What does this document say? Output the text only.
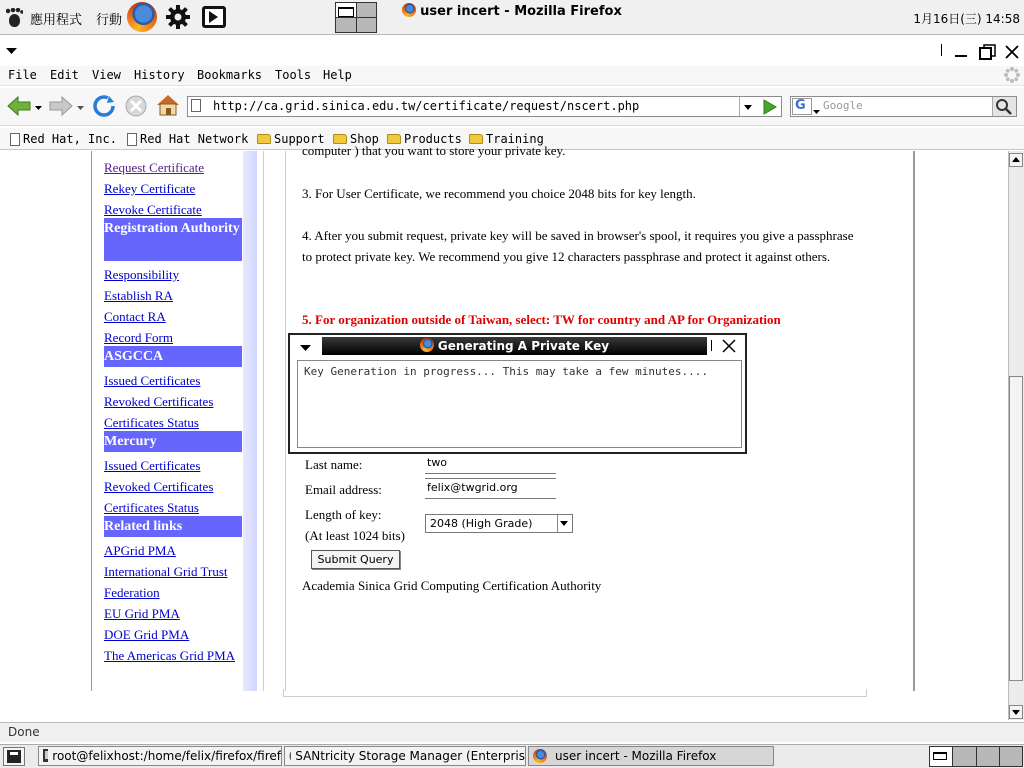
應用程式 行動	1月16日(三) 14:58
user incert - Mozilla Firefox
File Edit View History Bookmarks Tools Help
http://ca.grid.sinica.edu.tw/certificate/request/nscert.php	G Google
Red Hat, Inc. Red Hat Network Support Shop Products Training
Request Certificate
Rekey Certificate
Revoke Certificate
Registration Authority
Responsibility
Establish RA
Contact RA
Record Form
ASGCCA
Issued Certificates
Revoked Certificates
Certificates Status
Mercury
Issued Certificates
Revoked Certificates
Certificates Status
Related links
APGrid PMA
International Grid Trust Federation
EU Grid PMA
DOE Grid PMA
The Americas Grid PMA
computer ) that you want to store your private key.
3. For User Certificate, we recommend you choice 2048 bits for key length.
4. After you submit request, private key will be saved in browser's spool, it requires you give a passphrase to protect private key. We recommend you give 12 characters passphrase and protect it against others.
5. For organization outside of Taiwan, select: TW for country and AP for Organization
Last name:	two
Email address:	felix@twgrid.org
Length of key:
(At least 1024 bits)
2048 (High Grade)
Submit Query
Academia Sinica Grid Computing Certification Authority
Generating A Private Key
Key Generation in progress... This may take a few minutes....
Done
root@felixhost:/home/felix/firefox/firef SANtricity Storage Manager (Enterpris	user incert - Mozilla Firefox
